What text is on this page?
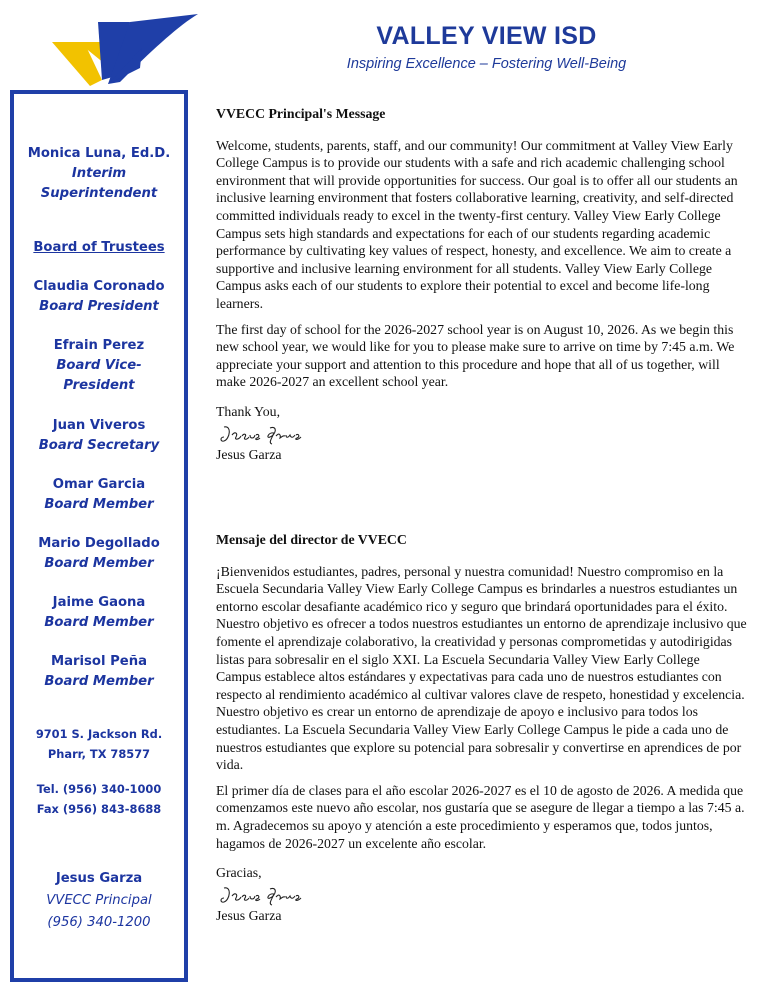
VALLEY VIEW ISD
Inspiring Excellence – Fostering Well-Being
Monica Luna, Ed.D.
Interim
Superintendent
Board of Trustees
Claudia Coronado
Board President
Efrain Perez
Board Vice-
President
Juan Viveros
Board Secretary
Omar Garcia
Board Member
Mario Degollado
Board Member
Jaime Gaona
Board Member
Marisol Peña
Board Member
9701 S. Jackson Rd.
Pharr, TX 78577
Tel. (956) 340-1000
Fax (956) 843-8688
Jesus Garza
VVECC Principal
(956) 340-1200
VVECC Principal's Message

Welcome, students, parents, staff, and our community! Our commitment at Valley View Early College Campus is to provide our students with a safe and rich academic challenging school environment that will provide opportunities for success. Our goal is to offer all our students an inclusive learning environment that fosters collaborative learning, creativity, and self-directed committed individuals ready to excel in the twenty-first century. Valley View Early College Campus sets high standards and expectations for each of our students regarding academic performance by cultivating key values of respect, honesty, and excellence. We aim to create a supportive and inclusive learning environment for all students. Valley View Early College Campus asks each of our students to explore their potential to excel and become life-long learners.

The first day of school for the 2026-2027 school year is on August 10, 2026. As we begin this new school year, we would like for you to please make sure to arrive on time by 7:45 a.m. We appreciate your support and attention to this procedure and hope that all of us together, will make 2026-2027 an excellent school year.

Thank You,
Jesus Garza
Mensaje del director de VVECC

¡Bienvenidos estudiantes, padres, personal y nuestra comunidad! Nuestro compromiso en la Escuela Secundaria Valley View Early College Campus es brindarles a nuestros estudiantes un entorno escolar desafiante académico rico y seguro que brindará oportunidades para el éxito. Nuestro objetivo es ofrecer a todos nuestros estudiantes un entorno de aprendizaje inclusivo que fomente el aprendizaje colaborativo, la creatividad y personas comprometidas y autodirigidas listas para sobresalir en el siglo XXI. La Escuela Secundaria Valley View Early College Campus establece altos estándares y expectativas para cada uno de nuestros estudiantes con respecto al rendimiento académico al cultivar valores clave de respeto, honestidad y excelencia. Nuestro objetivo es crear un entorno de aprendizaje de apoyo e inclusivo para todos los estudiantes. La Escuela Secundaria Valley View Early College Campus le pide a cada uno de nuestros estudiantes que explore su potencial para sobresalir y convertirse en aprendices de por vida.

El primer día de clases para el año escolar 2026-2027 es el 10 de agosto de 2026. A medida que comenzamos este nuevo año escolar, nos gustaría que se asegure de llegar a tiempo a las 7:45 a. m. Agradecemos su apoyo y atención a este procedimiento y esperamos que, todos juntos, hagamos de 2026-2027 un excelente año escolar.

Gracias,
Jesus Garza
